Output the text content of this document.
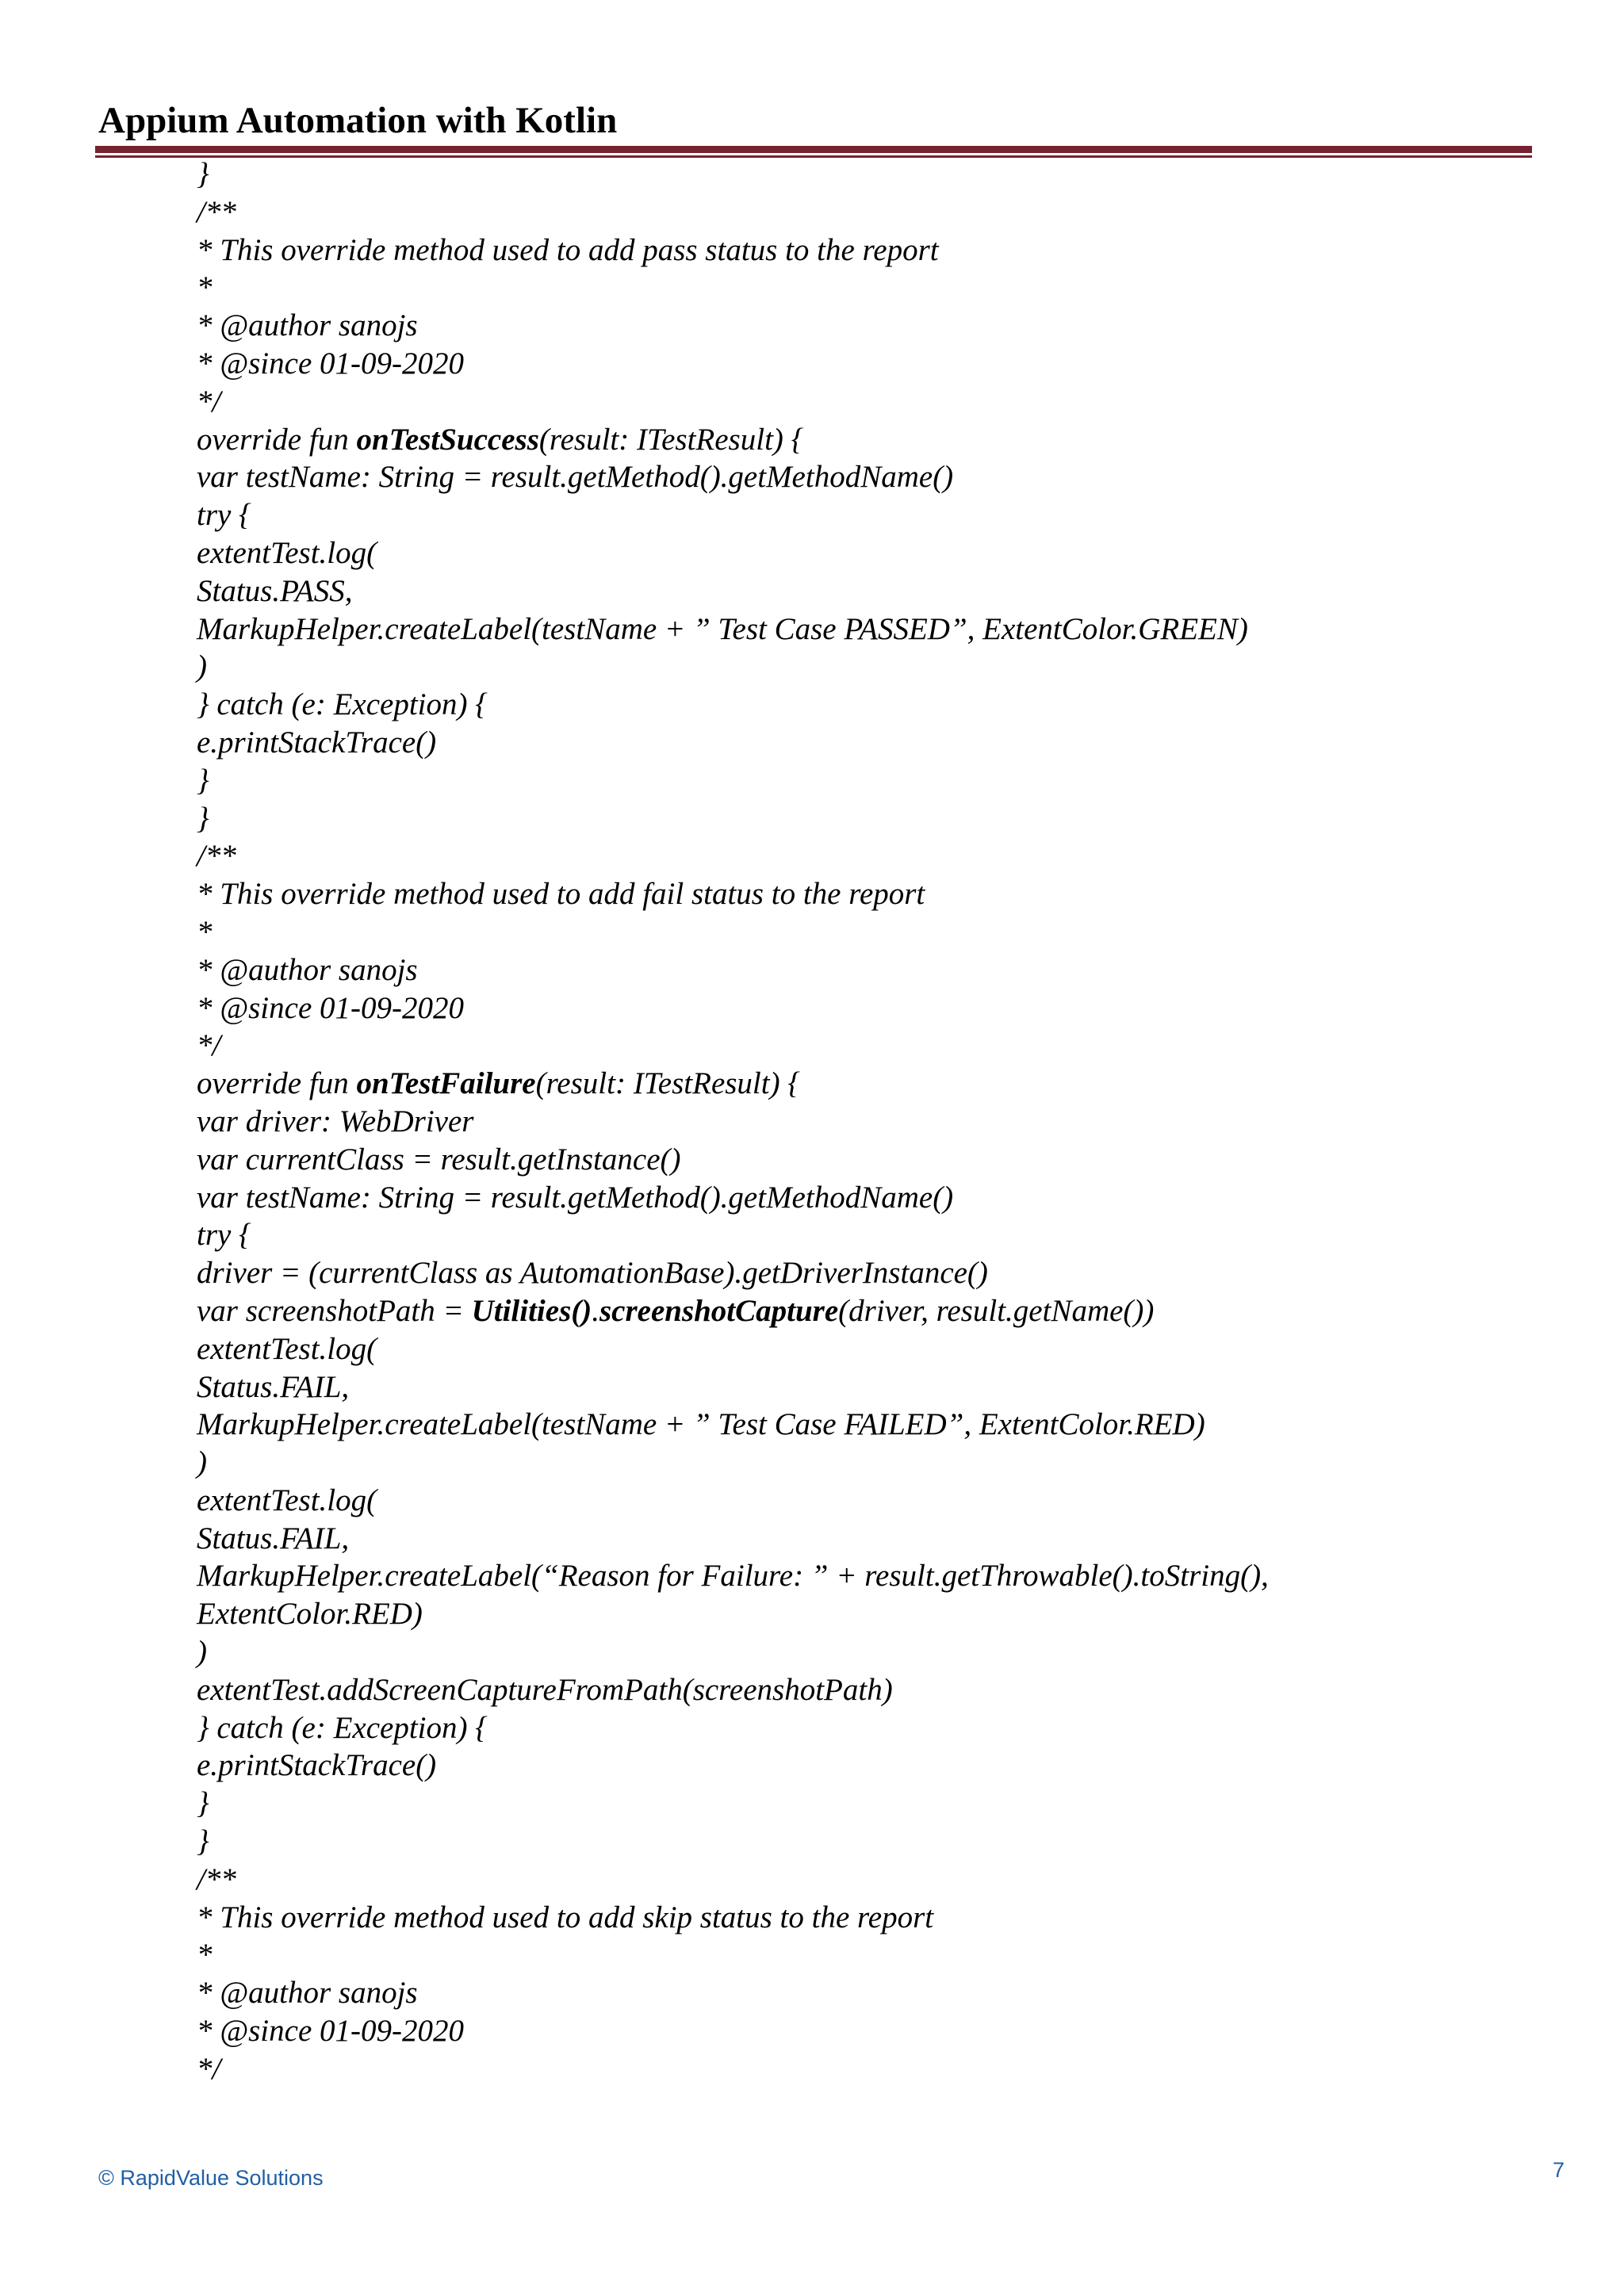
Appium Automation with Kotlin
}
/**
* This override method used to add pass status to the report
*
* @author sanojs
* @since 01-09-2020
*/
override fun onTestSuccess(result: ITestResult) {
var testName: String = result.getMethod().getMethodName()
try {
extentTest.log(
Status.PASS,
MarkupHelper.createLabel(testName + ” Test Case PASSED”, ExtentColor.GREEN)
)
} catch (e: Exception) {
e.printStackTrace()
}
}
/**
* This override method used to add fail status to the report
*
* @author sanojs
* @since 01-09-2020
*/
override fun onTestFailure(result: ITestResult) {
var driver: WebDriver
var currentClass = result.getInstance()
var testName: String = result.getMethod().getMethodName()
try {
driver = (currentClass as AutomationBase).getDriverInstance()
var screenshotPath = Utilities().screenshotCapture(driver, result.getName())
extentTest.log(
Status.FAIL,
MarkupHelper.createLabel(testName + ” Test Case FAILED”, ExtentColor.RED)
)
extentTest.log(
Status.FAIL,
MarkupHelper.createLabel(“Reason for Failure: ” + result.getThrowable().toString(),
ExtentColor.RED)
)
extentTest.addScreenCaptureFromPath(screenshotPath)
} catch (e: Exception) {
e.printStackTrace()
}
}
/**
* This override method used to add skip status to the report
*
* @author sanojs
* @since 01-09-2020
*/
© RapidValue Solutions	7
